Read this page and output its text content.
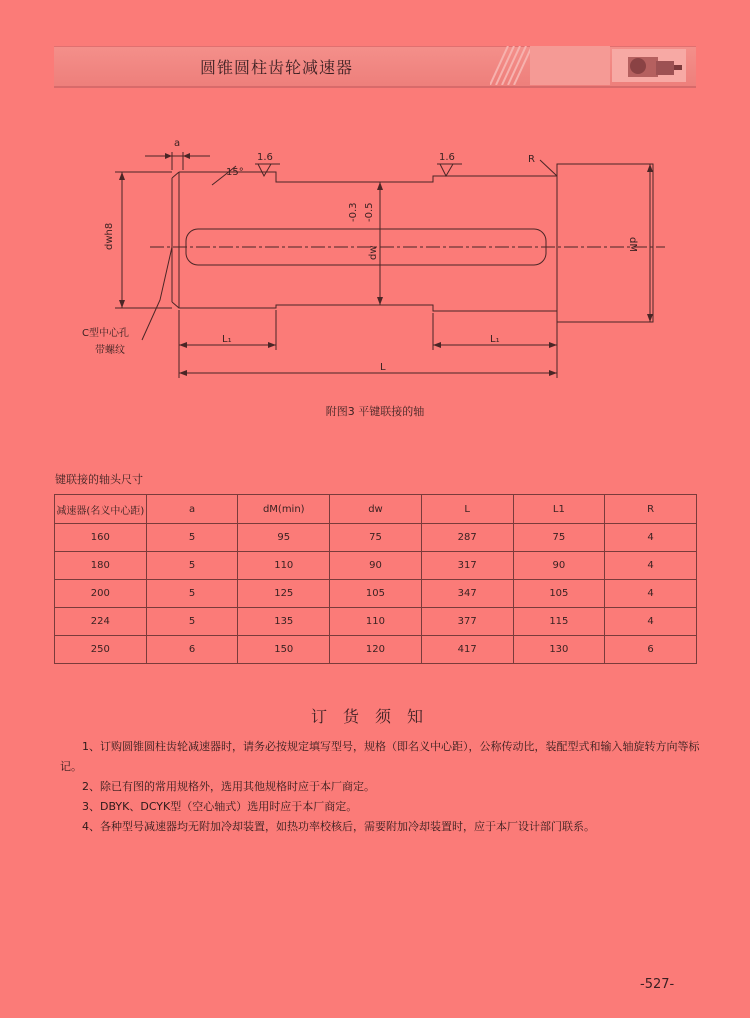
圆锥圆柱齿轮减速器
a
15°
1.6	1.6	R
dwh8
-0.3 -0.5
dw
dM
C型中心孔
带螺纹
L₁	L₁
L
附图3 平键联接的轴
键联接的轴头尺寸
减速器(名义中心距)	a	dM(min)	dw	L	L1	R
160	5	95	75	287	75	4
180	5	110	90	317	90	4
200	5	125	105	347	105	4
224	5	135	110	377	115	4
250	6	150	120	417	130	6
订货须知
1、订购圆锥圆柱齿轮减速器时，请务必按规定填写型号，规格（即名义中心距），公称传动比，装配型式和输入轴旋转方向等标记。
2、除已有图的常用规格外，选用其他规格时应于本厂商定。
3、DBYK、DCYK型（空心轴式）选用时应于本厂商定。
4、各种型号减速器均无附加冷却装置，如热功率校核后，需要附加冷却装置时，应于本厂设计部门联系。
-527-
